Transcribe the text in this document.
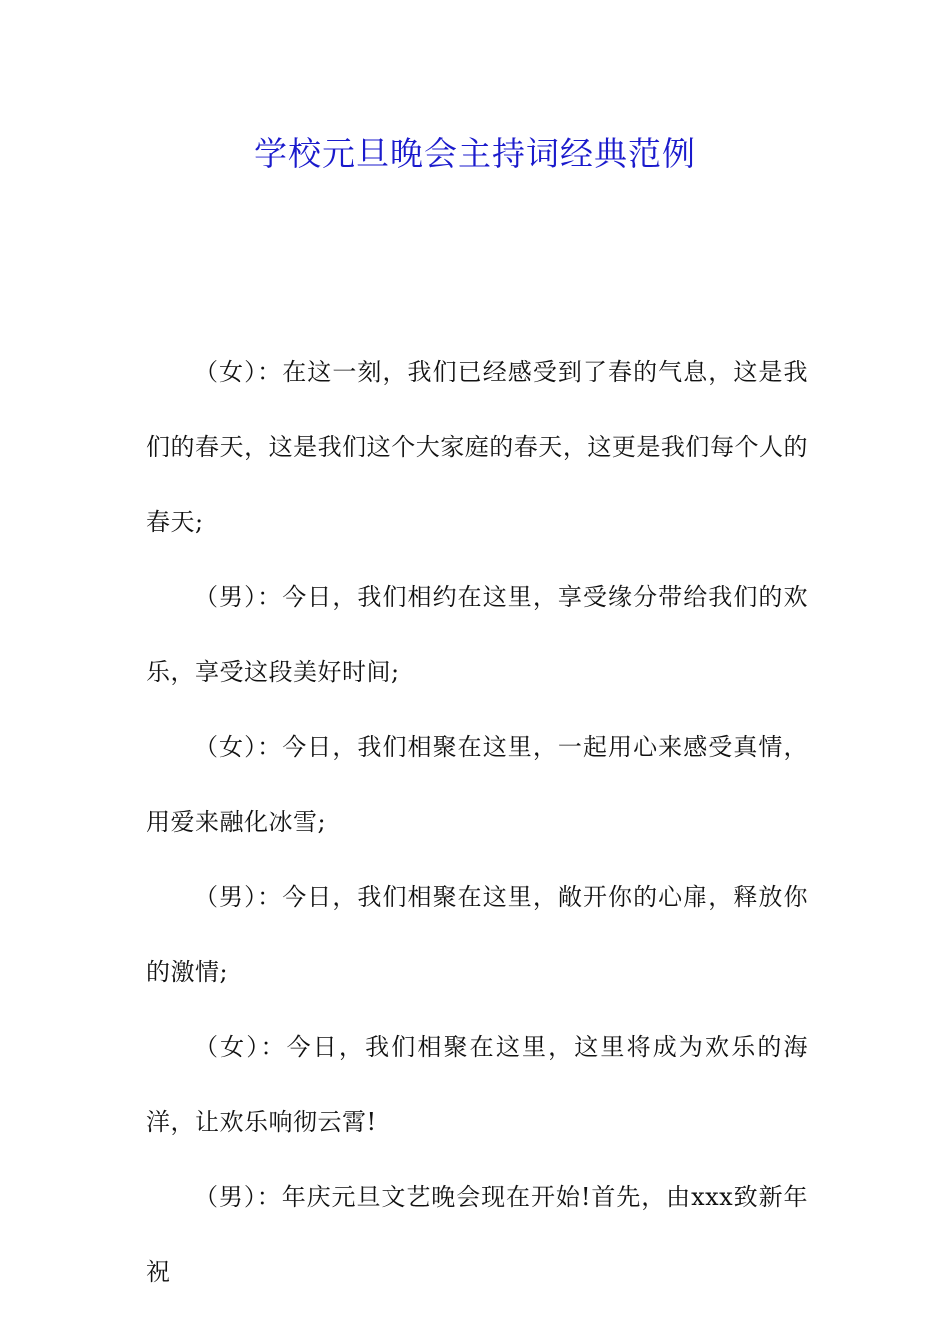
学校元旦晚会主持词经典范例

（女）：在这一刻，我们已经感受到了春的气息，这是我们的春天，这是我们这个大家庭的春天，这更是我们每个人的春天;

（男）：今日，我们相约在这里，享受缘分带给我们的欢乐，享受这段美好时间;

（女）：今日，我们相聚在这里，一起用心来感受真情，用爱来融化冰雪;

（男）：今日，我们相聚在这里，敞开你的心扉，释放你的激情;

（女）：今日，我们相聚在这里，这里将成为欢乐的海洋，让欢乐响彻云霄!

（男）：年庆元旦文艺晚会现在开始!首先，由xxx致新年祝
